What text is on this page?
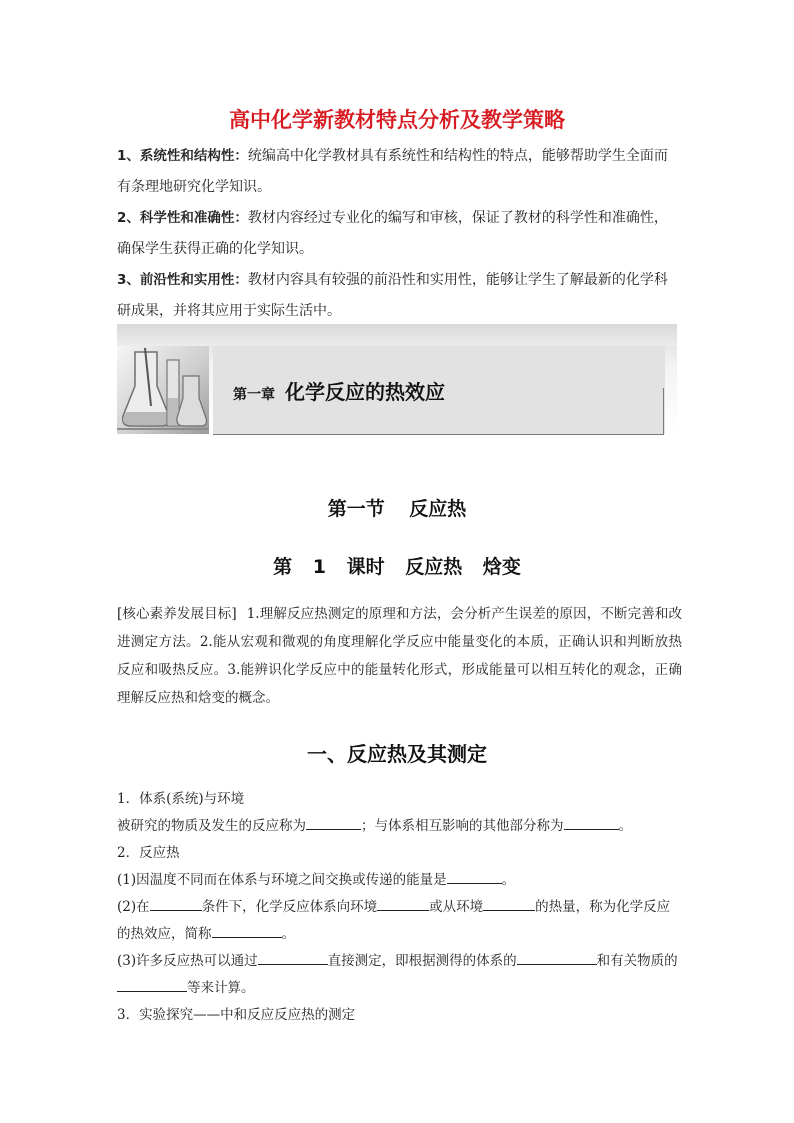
高中化学新教材特点分析及教学策略

1、系统性和结构性：统编高中化学教材具有系统性和结构性的特点，能够帮助学生全面而有条理地研究化学知识。

2、科学性和准确性：教材内容经过专业化的编写和审核，保证了教材的科学性和准确性，确保学生获得正确的化学知识。

3、前沿性和实用性：教材内容具有较强的前沿性和实用性，能够让学生了解最新的化学科研成果，并将其应用于实际生活中。

第一章 化学反应的热效应
第一节 反应热
第 1 课时 反应热 焓变

[核心素养发展目标] 1.理解反应热测定的原理和方法，会分析产生误差的原因，不断完善和改进测定方法。2.能从宏观和微观的角度理解化学反应中能量变化的本质，正确认识和判断放热反应和吸热反应。3.能辨识化学反应中的能量转化形式，形成能量可以相互转化的观念，正确理解反应热和焓变的概念。

一、反应热及其测定

1．体系(系统)与环境

被研究的物质及发生的反应称为	；与体系相互影响的其他部分称为	。

2．反应热

(1)因温度不同而在体系与环境之间交换或传递的能量是	。

(2)在	条件下，化学反应体系向环境	或从环境	的热量，称为化学反应的热效应，简称	。

(3)许多反应热可以通过	直接测定，即根据测得的体系的	和有关物质的等来计算。

3．实验探究——中和反应反应热的测定
